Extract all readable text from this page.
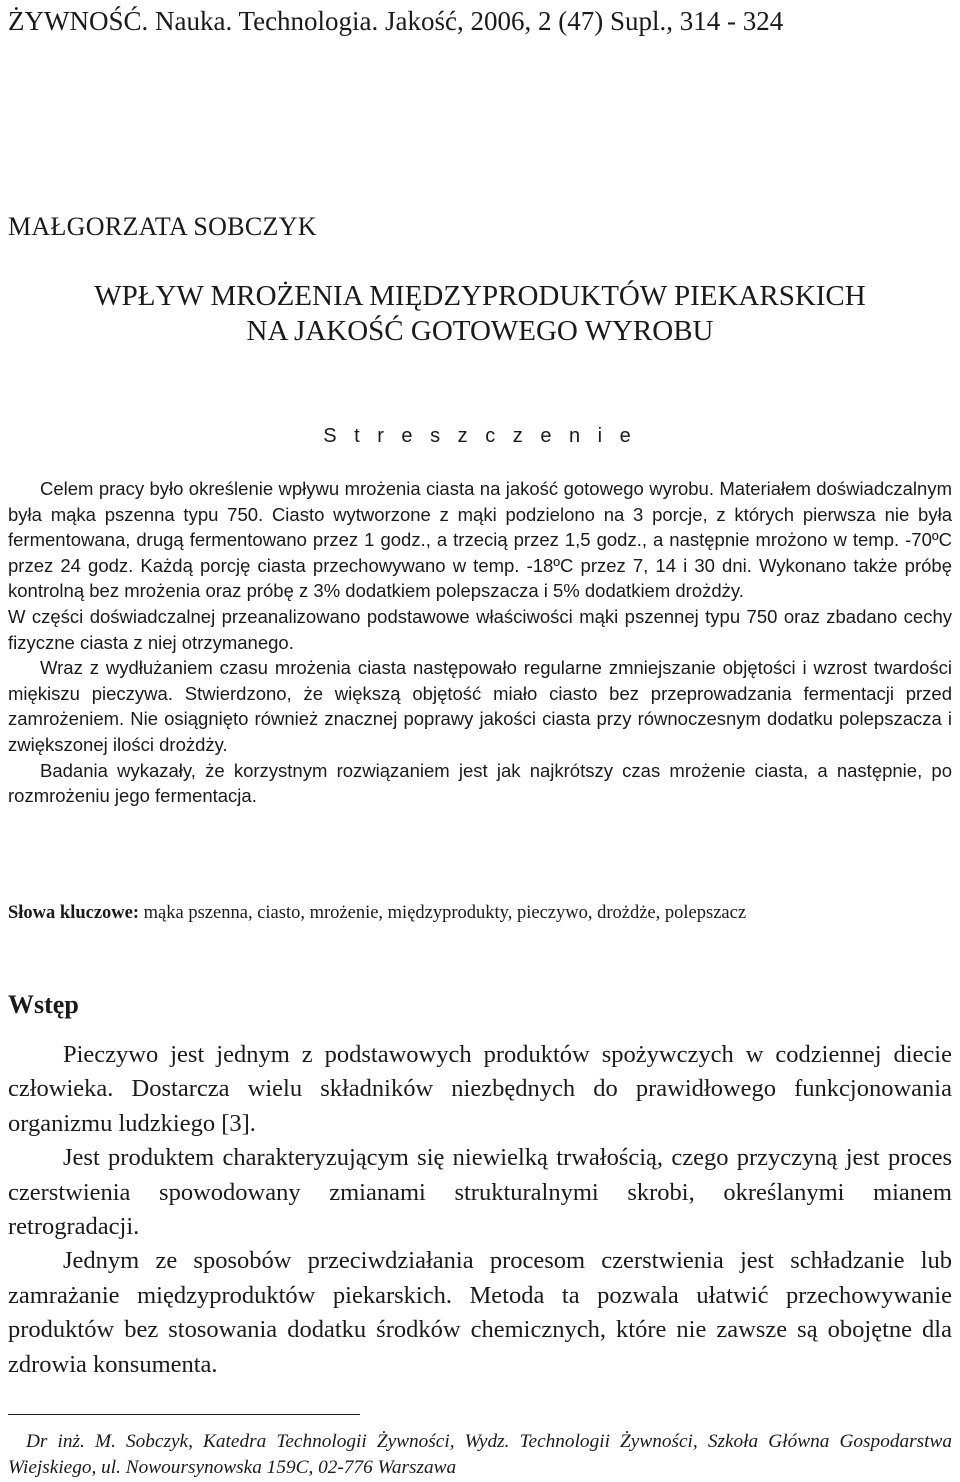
ŻYWNOŚĆ. Nauka. Technologia. Jakość, 2006, 2 (47) Supl., 314 - 324
MAŁGORZATA SOBCZYK
WPŁYW MROŻENIA MIĘDZYPRODUKTÓW PIEKARSKICH
NA JAKOŚĆ GOTOWEGO WYROBU
S t r e s z c z e n i e

Celem pracy było określenie wpływu mrożenia ciasta na jakość gotowego wyrobu. Materiałem doświadczalnym była mąka pszenna typu 750. Ciasto wytworzone z mąki podzielono na 3 porcje, z których pierwsza nie była fermentowana, drugą fermentowano przez 1 godz., a trzecią przez 1,5 godz., a następnie mrożono w temp. -70ºC przez 24 godz. Każdą porcję ciasta przechowywano w temp. -18ºC przez 7, 14 i 30 dni. Wykonano także próbę kontrolną bez mrożenia oraz próbę z 3% dodatkiem polepszacza i 5% dodatkiem drożdży.

W części doświadczalnej przeanalizowano podstawowe właściwości mąki pszennej typu 750 oraz zbadano cechy fizyczne ciasta z niej otrzymanego.

Wraz z wydłużaniem czasu mrożenia ciasta następowało regularne zmniejszanie objętości i wzrost twardości miękiszu pieczywa. Stwierdzono, że większą objętość miało ciasto bez przeprowadzania fermentacji przed zamrożeniem. Nie osiągnięto również znacznej poprawy jakości ciasta przy równoczesnym dodatku polepszacza i zwiększonej ilości drożdży.

Badania wykazały, że korzystnym rozwiązaniem jest jak najkrótszy czas mrożenie ciasta, a następnie, po rozmrożeniu jego fermentacja.

Słowa kluczowe: mąka pszenna, ciasto, mrożenie, międzyprodukty, pieczywo, drożdże, polepszacz
Wstęp

Pieczywo jest jednym z podstawowych produktów spożywczych w codziennej diecie człowieka. Dostarcza wielu składników niezbędnych do prawidłowego funkcjonowania organizmu ludzkiego [3].

Jest produktem charakteryzującym się niewielką trwałością, czego przyczyną jest proces czerstwienia spowodowany zmianami strukturalnymi skrobi, określanymi mianem retrogradacji.

Jednym ze sposobów przeciwdziałania procesom czerstwienia jest schładzanie lub zamrażanie międzyproduktów piekarskich. Metoda ta pozwala ułatwić przechowywanie produktów bez stosowania dodatku środków chemicznych, które nie zawsze są obojętne dla zdrowia konsumenta.

Dr inż. M. Sobczyk, Katedra Technologii Żywności, Wydz. Technologii Żywności, Szkoła Główna Gospodarstwa Wiejskiego, ul. Nowoursynowska 159C, 02-776 Warszawa
